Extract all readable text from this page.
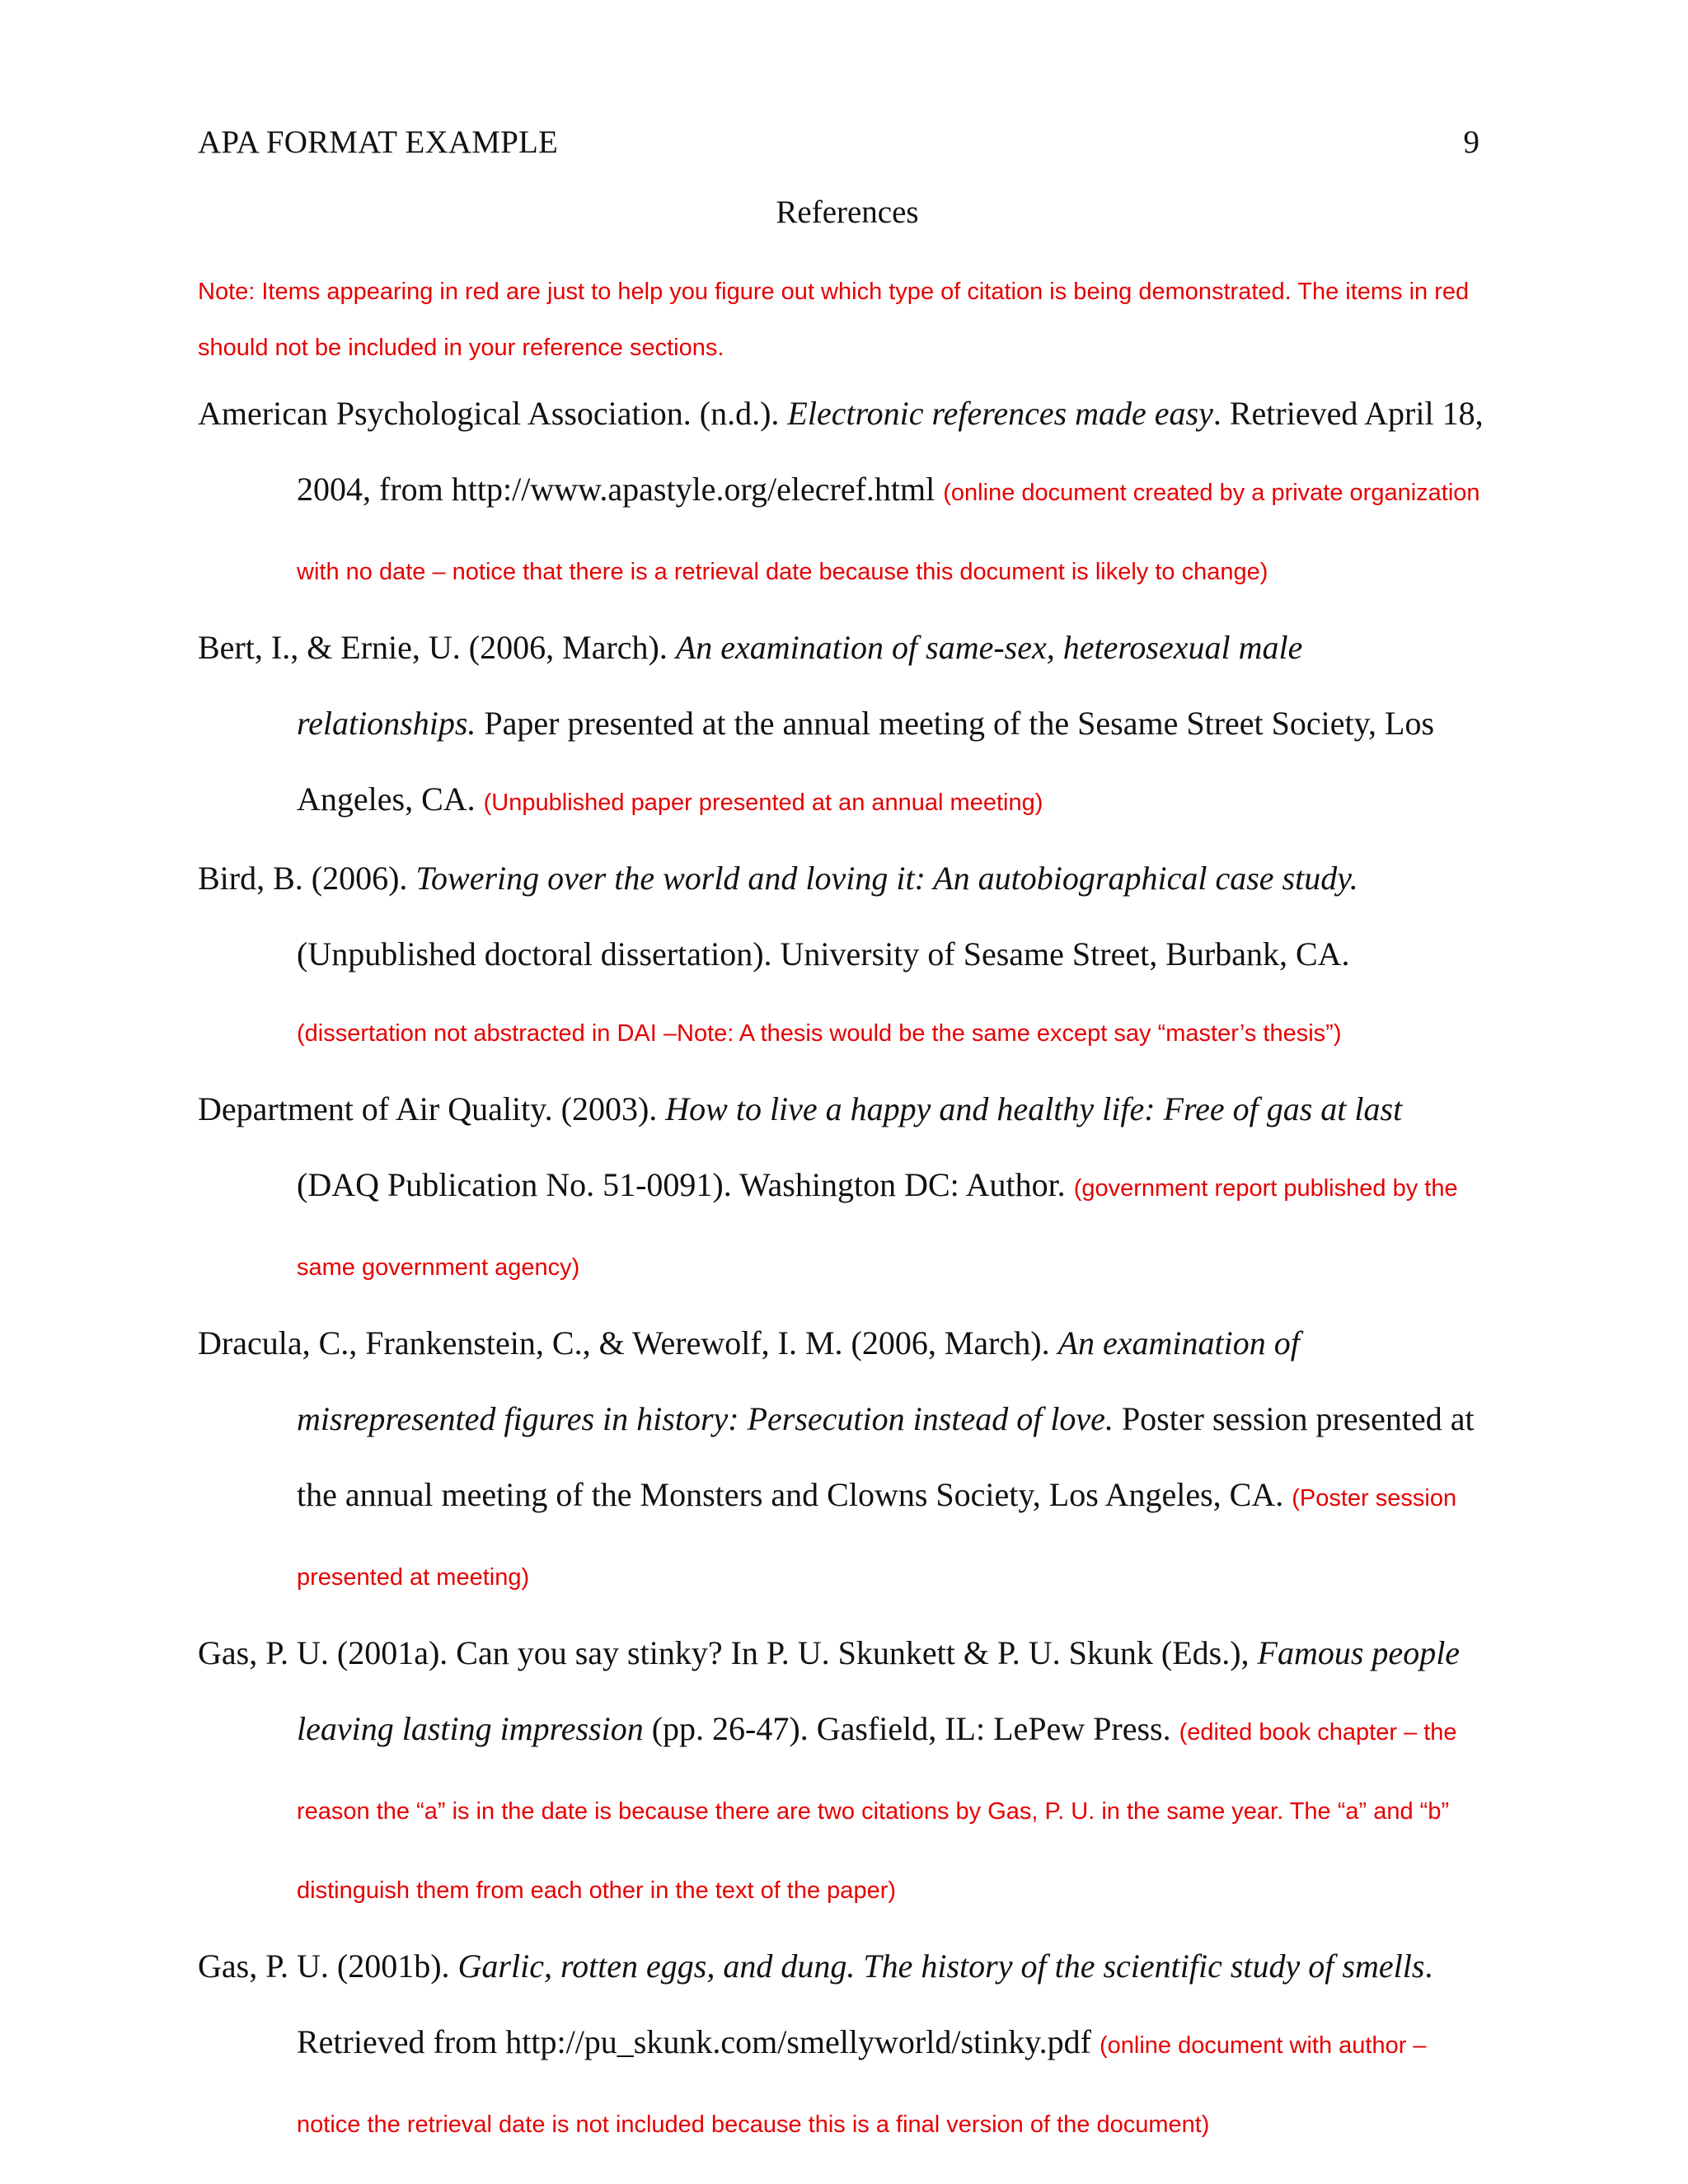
APA FORMAT EXAMPLE	9
References

Note: Items appearing in red are just to help you figure out which type of citation is being demonstrated. The items in red should not be included in your reference sections.

American Psychological Association. (n.d.). Electronic references made easy. Retrieved April 18, 2004, from http://www.apastyle.org/elecref.html (online document created by a private organization with no date – notice that there is a retrieval date because this document is likely to change)

Bert, I., & Ernie, U. (2006, March). An examination of same-sex, heterosexual male relationships. Paper presented at the annual meeting of the Sesame Street Society, Los Angeles, CA. (Unpublished paper presented at an annual meeting)

Bird, B. (2006). Towering over the world and loving it: An autobiographical case study. (Unpublished doctoral dissertation). University of Sesame Street, Burbank, CA. (dissertation not abstracted in DAI –Note: A thesis would be the same except say “master’s thesis”)

Department of Air Quality. (2003). How to live a happy and healthy life: Free of gas at last (DAQ Publication No. 51-0091). Washington DC: Author. (government report published by the same government agency)

Dracula, C., Frankenstein, C., & Werewolf, I. M. (2006, March). An examination of misrepresented figures in history: Persecution instead of love. Poster session presented at the annual meeting of the Monsters and Clowns Society, Los Angeles, CA. (Poster session presented at meeting)

Gas, P. U. (2001a). Can you say stinky? In P. U. Skunkett & P. U. Skunk (Eds.), Famous people leaving lasting impression (pp. 26-47). Gasfield, IL: LePew Press. (edited book chapter – the reason the “a” is in the date is because there are two citations by Gas, P. U. in the same year. The “a” and “b” distinguish them from each other in the text of the paper)

Gas, P. U. (2001b). Garlic, rotten eggs, and dung. The history of the scientific study of smells. Retrieved from http://pu_skunk.com/smellyworld/stinky.pdf (online document with author – notice the retrieval date is not included because this is a final version of the document)
